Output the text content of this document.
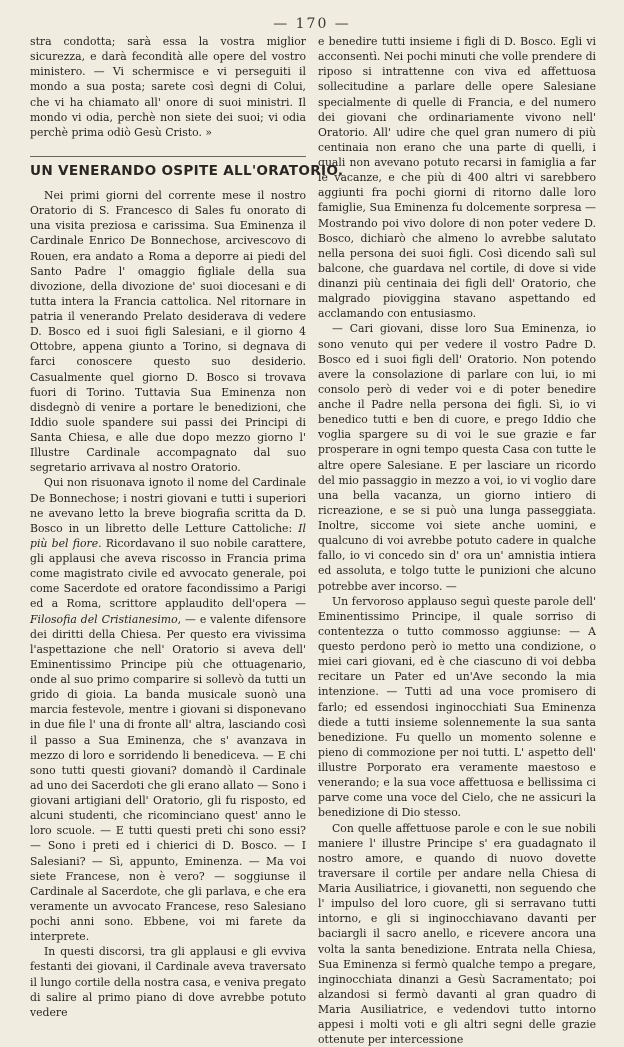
— 170 —

stra condotta; sarà essa la vostra miglior sicurezza, e darà fecondità alle opere del vostro ministero. — Vi schermisce e vi perseguiti il mondo a sua posta; sarete così degni di Colui, che vi ha chiamato all' onore di suoi ministri. Il mondo vi odia, perchè non siete dei suoi; vi odia perchè prima odiò Gesù Cristo. »

UN VENERANDO OSPITE ALL'ORATORIO.

Nei primi giorni del corrente mese il nostro Oratorio di S. Francesco di Sales fu onorato di una visita preziosa e carissima. Sua Eminenza il Cardinale Enrico De Bonnechose, arcivescovo di Rouen, era andato a Roma a deporre ai piedi del Santo Padre l' omaggio figliale della sua divozione, della divozione de' suoi diocesani e di tutta intera la Francia cattolica. Nel ritornare in patria il venerando Prelato desiderava di vedere D. Bosco ed i suoi figli Salesiani, e il giorno 4 Ottobre, appena giunto a Torino, si degnava di farci conoscere questo suo desiderio. Casualmente quel giorno D. Bosco si trovava fuori di Torino. Tuttavia Sua Eminenza non disdegnò di venire a portare le benedizioni, che Iddio suole spandere sui passi dei Principi di Santa Chiesa, e alle due dopo mezzo giorno l' Illustre Cardinale accompagnato dal suo segretario arrivava al nostro Oratorio.

Qui non risuonava ignoto il nome del Cardinale De Bonnechose; i nostri giovani e tutti i superiori ne avevano letto la breve biografia scritta da D. Bosco in un libretto delle Letture Cattoliche: Il più bel fiore. Ricordavano il suo nobile carattere, gli applausi che aveva riscosso in Francia prima come magistrato civile ed avvocato generale, poi come Sacerdote ed oratore facondissimo a Parigi ed a Roma, scrittore applaudito dell'opera — Filosofia del Cristianesimo, — e valente difensore dei diritti della Chiesa. Per questo era vivissima l'aspettazione che nell' Oratorio si aveva dell' Eminentissimo Principe più che ottuagenario, onde al suo primo comparire si sollevò da tutti un grido di gioia. La banda musicale suonò una marcia festevole, mentre i giovani si disponevano in due file l' una di fronte all' altra, lasciando così il passo a Sua Eminenza, che s' avanzava in mezzo di loro e sorridendo li benediceva. — E chi sono tutti questi giovani? domandò il Cardinale ad uno dei Sacerdoti che gli erano allato — Sono i giovani artigiani dell' Oratorio, gli fu risposto, ed alcuni studenti, che ricominciano quest' anno le loro scuole. — E tutti questi preti chi sono essi? — Sono i preti ed i chierici di D. Bosco. — I Salesiani? — Sì, appunto, Eminenza. — Ma voi siete Francese, non è vero? — soggiunse il Cardinale al Sacerdote, che gli parlava, e che era veramente un avvocato Francese, reso Salesiano pochi anni sono. Ebbene, voi mi farete da interprete.

In questi discorsi, tra gli applausi e gli evviva festanti dei giovani, il Cardinale aveva traversato il lungo cortile della nostra casa, e veniva pregato di salire al primo piano di dove avrebbe potuto vedere

e benedire tutti insieme i figli di D. Bosco. Egli vi acconsentì. Nei pochi minuti che volle prendere di riposo si intrattenne con viva ed affettuosa sollecitudine a parlare delle opere Salesiane specialmente di quelle di Francia, e del numero dei giovani che ordinariamente vivono nell' Oratorio. All' udire che quel gran numero di più centinaia non erano che una parte di quelli, i quali non avevano potuto recarsi in famiglia a far le vacanze, e che più di 400 altri vi sarebbero aggiunti fra pochi giorni di ritorno dalle loro famiglie, Sua Eminenza fu dolcemente sorpresa — Mostrando poi vivo dolore di non poter vedere D. Bosco, dichiarò che almeno lo avrebbe salutato nella persona dei suoi figli. Così dicendo salì sul balcone, che guardava nel cortile, di dove si vide dinanzi più centinaia dei figli dell' Oratorio, che malgrado pioviggina stavano aspettando ed acclamando con entusiasmo.

— Cari giovani, disse loro Sua Eminenza, io sono venuto qui per vedere il vostro Padre D. Bosco ed i suoi figli dell' Oratorio. Non potendo avere la consolazione di parlare con lui, io mi consolo però di veder voi e di poter benedire anche il Padre nella persona dei figli. Sì, io vi benedico tutti e ben di cuore, e prego Iddio che voglia spargere su di voi le sue grazie e far prosperare in ogni tempo questa Casa con tutte le altre opere Salesiane. E per lasciare un ricordo del mio passaggio in mezzo a voi, io vi voglio dare una bella vacanza, un giorno intiero di ricreazione, e se si può una lunga passeggiata. Inoltre, siccome voi siete anche uomini, e qualcuno di voi avrebbe potuto cadere in qualche fallo, io vi concedo sin d' ora un' amnistia intiera ed assoluta, e tolgo tutte le punizioni che alcuno potrebbe aver incorso. —

Un fervoroso applauso seguì queste parole dell' Eminentissimo Principe, il quale sorriso di contentezza o tutto commosso aggiunse: — A questo perdono però io metto una condizione, o miei cari giovani, ed è che ciascuno di voi debba recitare un Pater ed un'Ave secondo la mia intenzione. — Tutti ad una voce promisero di farlo; ed essendosi inginocchiati Sua Eminenza diede a tutti insieme solennemente la sua santa benedizione. Fu quello un momento solenne e pieno di commozione per noi tutti. L' aspetto dell' illustre Porporato era veramente maestoso e venerando; e la sua voce affettuosa e bellissima ci parve come una voce del Cielo, che ne assicuri la benedizione di Dio stesso.

Con quelle affettuose parole e con le sue nobili maniere l' illustre Principe s' era guadagnato il nostro amore, e quando di nuovo dovette traversare il cortile per andare nella Chiesa di Maria Ausiliatrice, i giovanetti, non seguendo che l' impulso del loro cuore, gli si serravano tutti intorno, e gli si inginocchiavano davanti per baciargli il sacro anello, e ricevere ancora una volta la santa benedizione. Entrata nella Chiesa, Sua Eminenza si fermò qualche tempo a pregare, inginocchiata dinanzi a Gesù Sacramentato; poi alzandosi si fermò davanti al gran quadro di Maria Ausiliatrice, e vedendovi tutto intorno appesi i molti voti e gli altri segni delle grazie ottenute per intercessione
